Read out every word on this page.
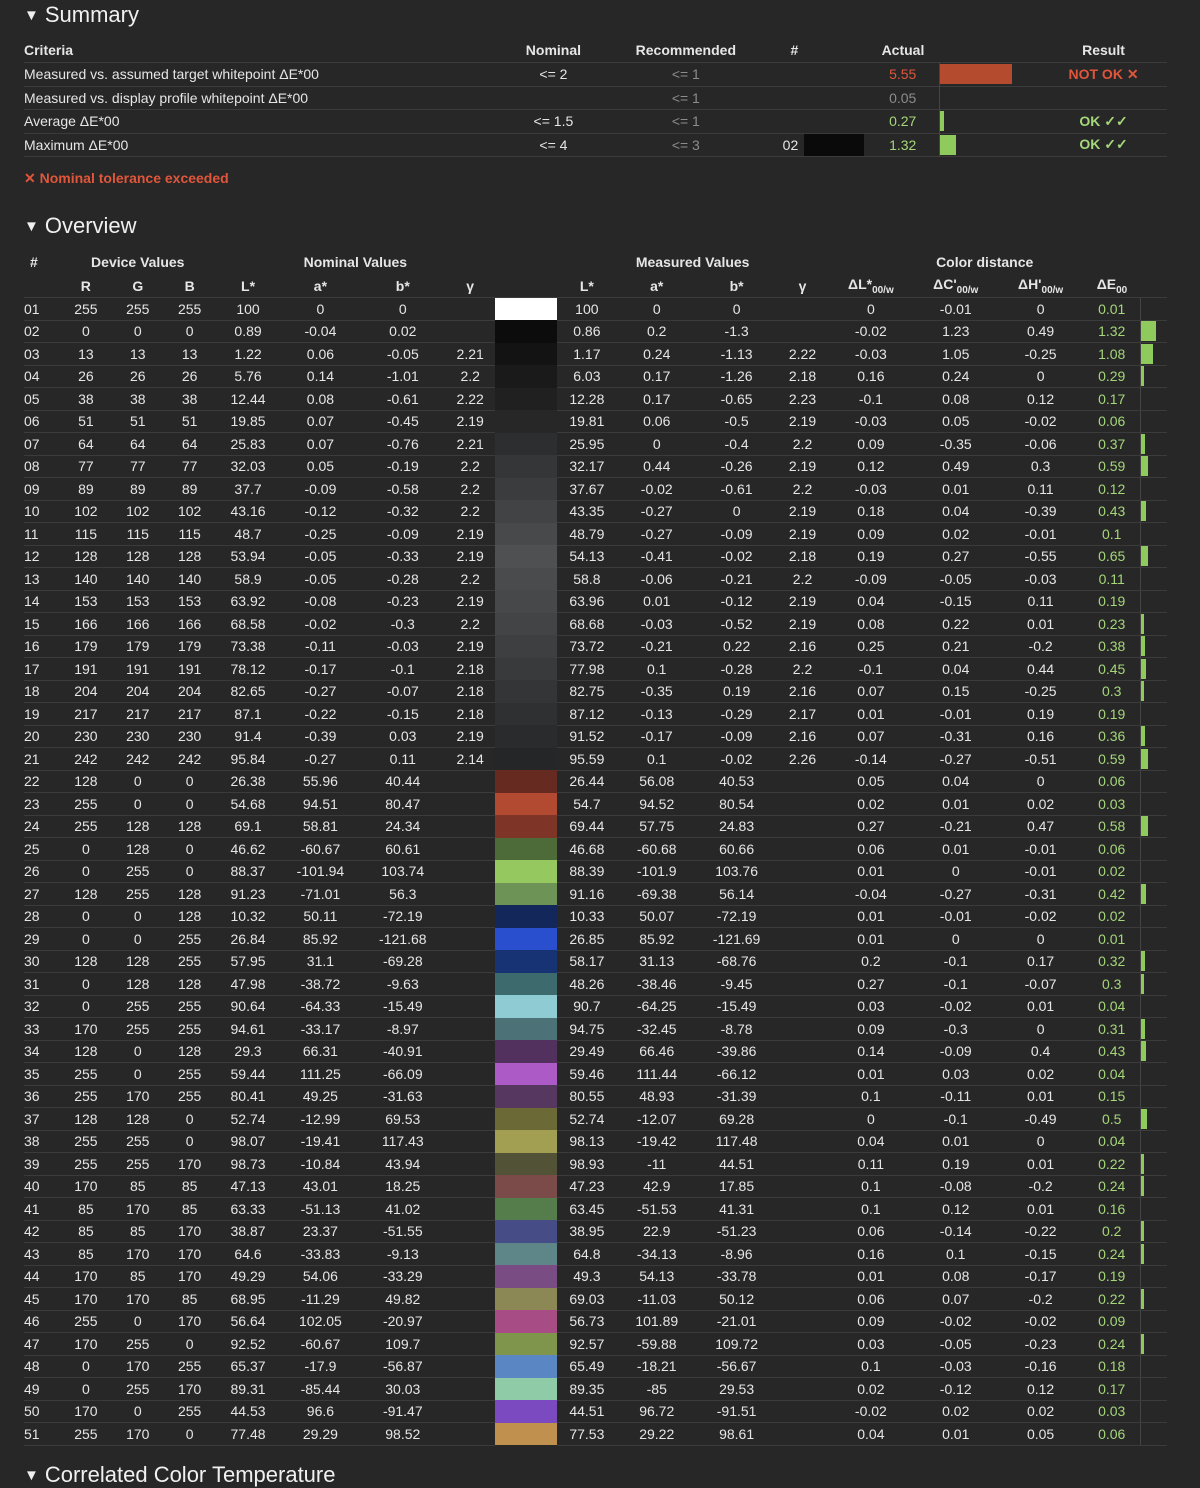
▼ Summary
Criteria	Nominal	Recommended	#		Actual		Result
Measured vs. assumed target whitepoint ΔE*00	<= 2	<= 1			5.55		NOT OK ✕
Measured vs. display profile whitepoint ΔE*00		<= 1			0.05	

Average ΔE*00	<= 1.5	<= 1			0.27		OK ✓✓
Maximum ΔE*00	<= 4	<= 3	02		1.32		OK ✓✓
✕ Nominal tolerance exceeded
▼ Overview
#	Device Values			Nominal Values					Measured Values				Color distance				
	R	G	B	L*	a*	b*	γ		L*	a*	b*	γ	$\Delta L*_{00/w}$	$\Delta C'_{00/w}$	$\Delta H'_{00/w}$	$\Delta E_{00}$	
01	255	255	255	100	0	0			100	0	0		0	-0.01	0	0.01	
02	0	0	0	0.89	-0.04	0.02			0.86	0.2	-1.3		-0.02	1.23	0.49	1.32	

03	13	13	13	1.22	0.06	-0.05	2.21		1.17	0.24	-1.13	2.22	-0.03	1.05	-0.25	1.08	

04	26	26	26	5.76	0.14	-1.01	2.2		6.03	0.17	-1.26	2.18	0.16	0.24	0	0.29	

05	38	38	38	12.44	0.08	-0.61	2.22		12.28	0.17	-0.65	2.23	-0.1	0.08	0.12	0.17	
06	51	51	51	19.85	0.07	-0.45	2.19		19.81	0.06	-0.5	2.19	-0.03	0.05	-0.02	0.06	
07	64	64	64	25.83	0.07	-0.76	2.21		25.95	0	-0.4	2.2	0.09	-0.35	-0.06	0.37	

08	77	77	77	32.03	0.05	-0.19	2.2		32.17	0.44	-0.26	2.19	0.12	0.49	0.3	0.59	

09	89	89	89	37.7	-0.09	-0.58	2.2		37.67	-0.02	-0.61	2.2	-0.03	0.01	0.11	0.12	
10	102	102	102	43.16	-0.12	-0.32	2.2		43.35	-0.27	0	2.19	0.18	0.04	-0.39	0.43	

11	115	115	115	48.7	-0.25	-0.09	2.19		48.79	-0.27	-0.09	2.19	0.09	0.02	-0.01	0.1	
12	128	128	128	53.94	-0.05	-0.33	2.19		54.13	-0.41	-0.02	2.18	0.19	0.27	-0.55	0.65	

13	140	140	140	58.9	-0.05	-0.28	2.2		58.8	-0.06	-0.21	2.2	-0.09	-0.05	-0.03	0.11	
14	153	153	153	63.92	-0.08	-0.23	2.19		63.96	0.01	-0.12	2.19	0.04	-0.15	0.11	0.19	
15	166	166	166	68.58	-0.02	-0.3	2.2		68.68	-0.03	-0.52	2.19	0.08	0.22	0.01	0.23	

16	179	179	179	73.38	-0.11	-0.03	2.19		73.72	-0.21	0.22	2.16	0.25	0.21	-0.2	0.38	

17	191	191	191	78.12	-0.17	-0.1	2.18		77.98	0.1	-0.28	2.2	-0.1	0.04	0.44	0.45	

18	204	204	204	82.65	-0.27	-0.07	2.18		82.75	-0.35	0.19	2.16	0.07	0.15	-0.25	0.3	

19	217	217	217	87.1	-0.22	-0.15	2.18		87.12	-0.13	-0.29	2.17	0.01	-0.01	0.19	0.19	
20	230	230	230	91.4	-0.39	0.03	2.19		91.52	-0.17	-0.09	2.16	0.07	-0.31	0.16	0.36	

21	242	242	242	95.84	-0.27	0.11	2.14		95.59	0.1	-0.02	2.26	-0.14	-0.27	-0.51	0.59	

22	128	0	0	26.38	55.96	40.44			26.44	56.08	40.53		0.05	0.04	0	0.06	
23	255	0	0	54.68	94.51	80.47			54.7	94.52	80.54		0.02	0.01	0.02	0.03	
24	255	128	128	69.1	58.81	24.34			69.44	57.75	24.83		0.27	-0.21	0.47	0.58	

25	0	128	0	46.62	-60.67	60.61			46.68	-60.68	60.66		0.06	0.01	-0.01	0.06	
26	0	255	0	88.37	-101.94	103.74			88.39	-101.9	103.76		0.01	0	-0.01	0.02	
27	128	255	128	91.23	-71.01	56.3			91.16	-69.38	56.14		-0.04	-0.27	-0.31	0.42	

28	0	0	128	10.32	50.11	-72.19			10.33	50.07	-72.19		0.01	-0.01	-0.02	0.02	
29	0	0	255	26.84	85.92	-121.68			26.85	85.92	-121.69		0.01	0	0	0.01	
30	128	128	255	57.95	31.1	-69.28			58.17	31.13	-68.76		0.2	-0.1	0.17	0.32	

31	0	128	128	47.98	-38.72	-9.63			48.26	-38.46	-9.45		0.27	-0.1	-0.07	0.3	

32	0	255	255	90.64	-64.33	-15.49			90.7	-64.25	-15.49		0.03	-0.02	0.01	0.04	
33	170	255	255	94.61	-33.17	-8.97			94.75	-32.45	-8.78		0.09	-0.3	0	0.31	

34	128	0	128	29.3	66.31	-40.91			29.49	66.46	-39.86		0.14	-0.09	0.4	0.43	

35	255	0	255	59.44	111.25	-66.09			59.46	111.44	-66.12		0.01	0.03	0.02	0.04	
36	255	170	255	80.41	49.25	-31.63			80.55	48.93	-31.39		0.1	-0.11	0.01	0.15	
37	128	128	0	52.74	-12.99	69.53			52.74	-12.07	69.28		0	-0.1	-0.49	0.5	

38	255	255	0	98.07	-19.41	117.43			98.13	-19.42	117.48		0.04	0.01	0	0.04	
39	255	255	170	98.73	-10.84	43.94			98.93	-11	44.51		0.11	0.19	0.01	0.22	

40	170	85	85	47.13	43.01	18.25			47.23	42.9	17.85		0.1	-0.08	-0.2	0.24	

41	85	170	85	63.33	-51.13	41.02			63.45	-51.53	41.31		0.1	0.12	0.01	0.16	
42	85	85	170	38.87	23.37	-51.55			38.95	22.9	-51.23		0.06	-0.14	-0.22	0.2	

43	85	170	170	64.6	-33.83	-9.13			64.8	-34.13	-8.96		0.16	0.1	-0.15	0.24	

44	170	85	170	49.29	54.06	-33.29			49.3	54.13	-33.78		0.01	0.08	-0.17	0.19	
45	170	170	85	68.95	-11.29	49.82			69.03	-11.03	50.12		0.06	0.07	-0.2	0.22	

46	255	0	170	56.64	102.05	-20.97			56.73	101.89	-21.01		0.09	-0.02	-0.02	0.09	
47	170	255	0	92.52	-60.67	109.7			92.57	-59.88	109.72		0.03	-0.05	-0.23	0.24	

48	0	170	255	65.37	-17.9	-56.87			65.49	-18.21	-56.67		0.1	-0.03	-0.16	0.18	
49	0	255	170	89.31	-85.44	30.03			89.35	-85	29.53		0.02	-0.12	0.12	0.17	
50	170	0	255	44.53	96.6	-91.47			44.51	96.72	-91.51		-0.02	0.02	0.02	0.03	
51	255	170	0	77.48	29.29	98.52			77.53	29.22	98.61		0.04	0.01	0.05	0.06	
▼ Correlated Color Temperature
